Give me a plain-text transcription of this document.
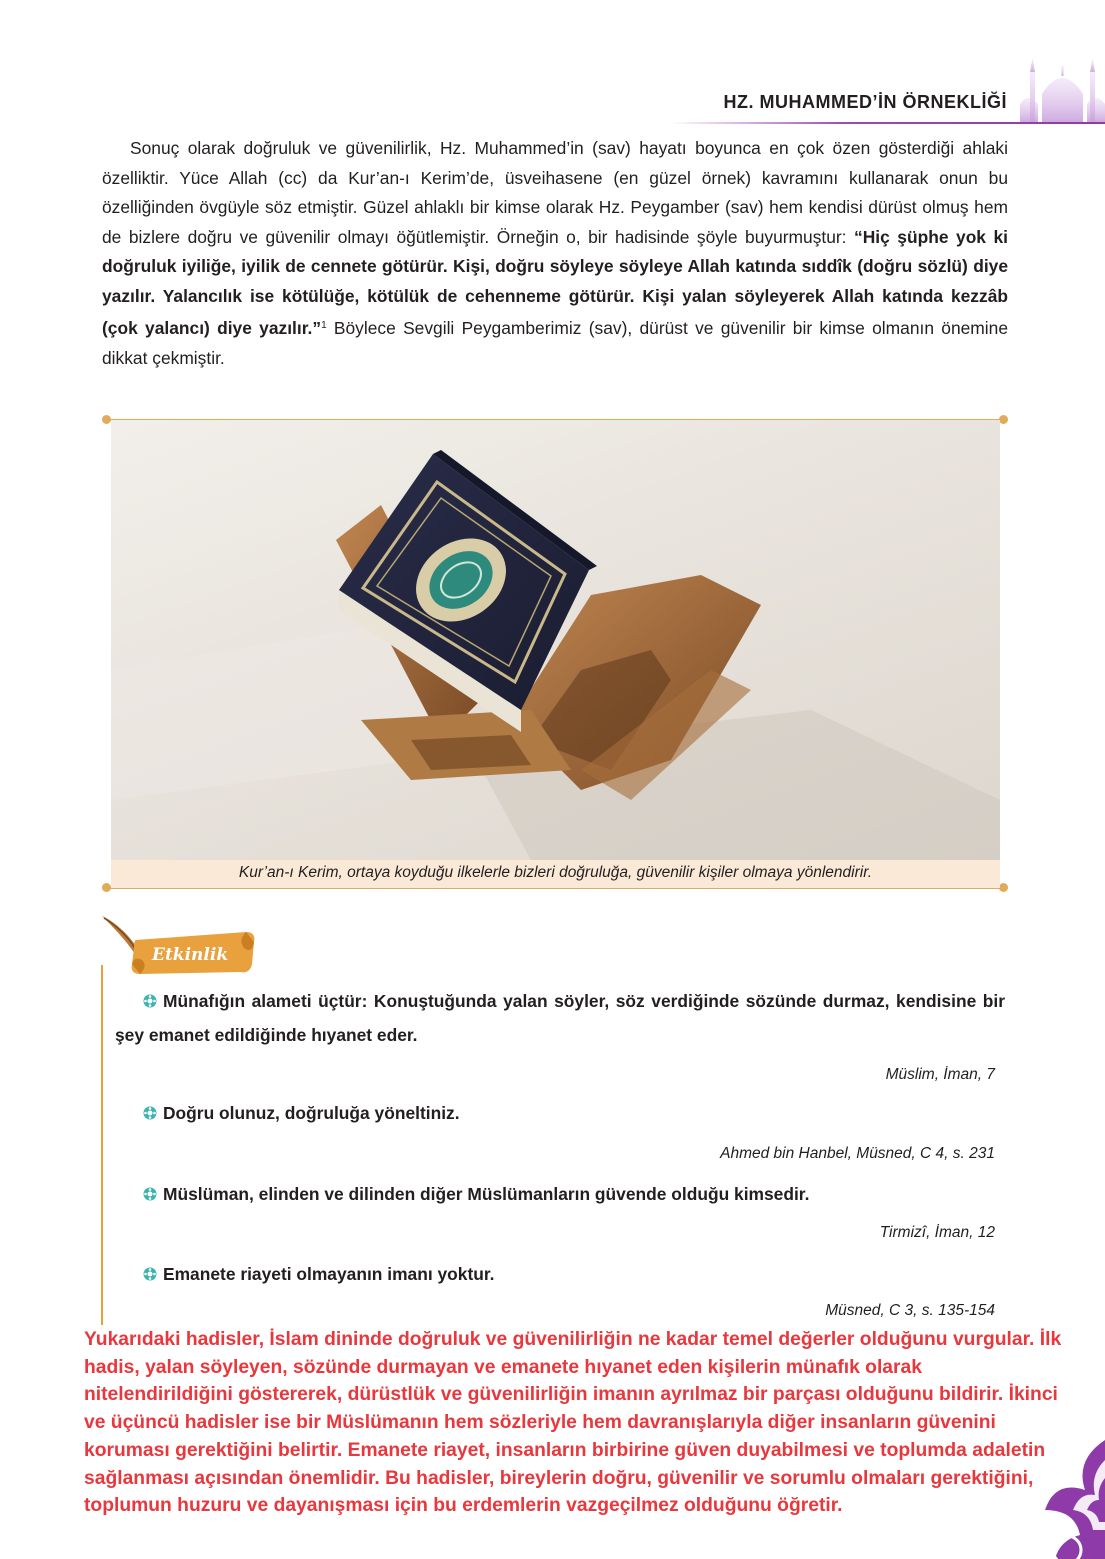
HZ. MUHAMMED’İN ÖRNEKLİĞİ

Sonuç olarak doğruluk ve güvenilirlik, Hz. Muhammed’in (sav) hayatı boyunca en çok özen gösterdiği ahlaki özelliktir. Yüce Allah (cc) da Kur’an-ı Kerim’de, üsveihasene (en güzel örnek) kavramını kullanarak onun bu özelliğinden övgüyle söz etmiştir. Güzel ahlaklı bir kimse olarak Hz. Peygamber (sav) hem kendisi dürüst olmuş hem de bizlere doğru ve güvenilir olmayı öğütlemiştir. Örneğin o, bir hadisinde şöyle buyurmuştur: “Hiç şüphe yok ki doğruluk iyiliğe, iyilik de cennete götürür. Kişi, doğru söyleye söyleye Allah katında sıddîk (doğru sözlü) diye yazılır. Yalancılık ise kötülüğe, kötülük de cehenneme götürür. Kişi yalan söyleyerek Allah katında kezzâb (çok yalancı) diye yazılır.”$^1$ Böylece Sevgili Peygamberimiz (sav), dürüst ve güvenilir bir kimse olmanın önemine dikkat çekmiştir.

Kur’an-ı Kerim, ortaya koyduğu ilkelerle bizleri doğruluğa, güvenilir kişiler olmaya yönlendirir.
Etkinlik
Münafığın alameti üçtür: Konuştuğunda yalan söyler, söz verdiğinde sözünde durmaz, kendisine bir şey emanet edildiğinde hıyanet eder.
Müslim, İman, 7
Doğru olunuz, doğruluğa yöneltiniz.
Ahmed bin Hanbel, Müsned, C 4, s. 231
Müslüman, elinden ve dilinden diğer Müslümanların güvende olduğu kimsedir.
Tirmizî, İman, 12
Emanete riayeti olmayanın imanı yoktur.
Müsned, C 3, s. 135-154
Yukarıdaki hadisler, İslam dininde doğruluk ve güvenilirliğin ne kadar temel değerler olduğunu vurgular. İlk hadis, yalan söyleyen, sözünde durmayan ve emanete hıyanet eden kişilerin münafık olarak nitelendirildiğini göstererek, dürüstlük ve güvenilirliğin imanın ayrılmaz bir parçası olduğunu bildirir. İkinci ve üçüncü hadisler ise bir Müslümanın hem sözleriyle hem davranışlarıyla diğer insanların güvenini koruması gerektiğini belirtir. Emanete riayet, insanların birbirine güven duyabilmesi ve toplumda adaletin sağlanması açısından önemlidir. Bu hadisler, bireylerin doğru, güvenilir ve sorumlu olmaları gerektiğini, toplumun huzuru ve dayanışması için bu erdemlerin vazgeçilmez olduğunu öğretir.
